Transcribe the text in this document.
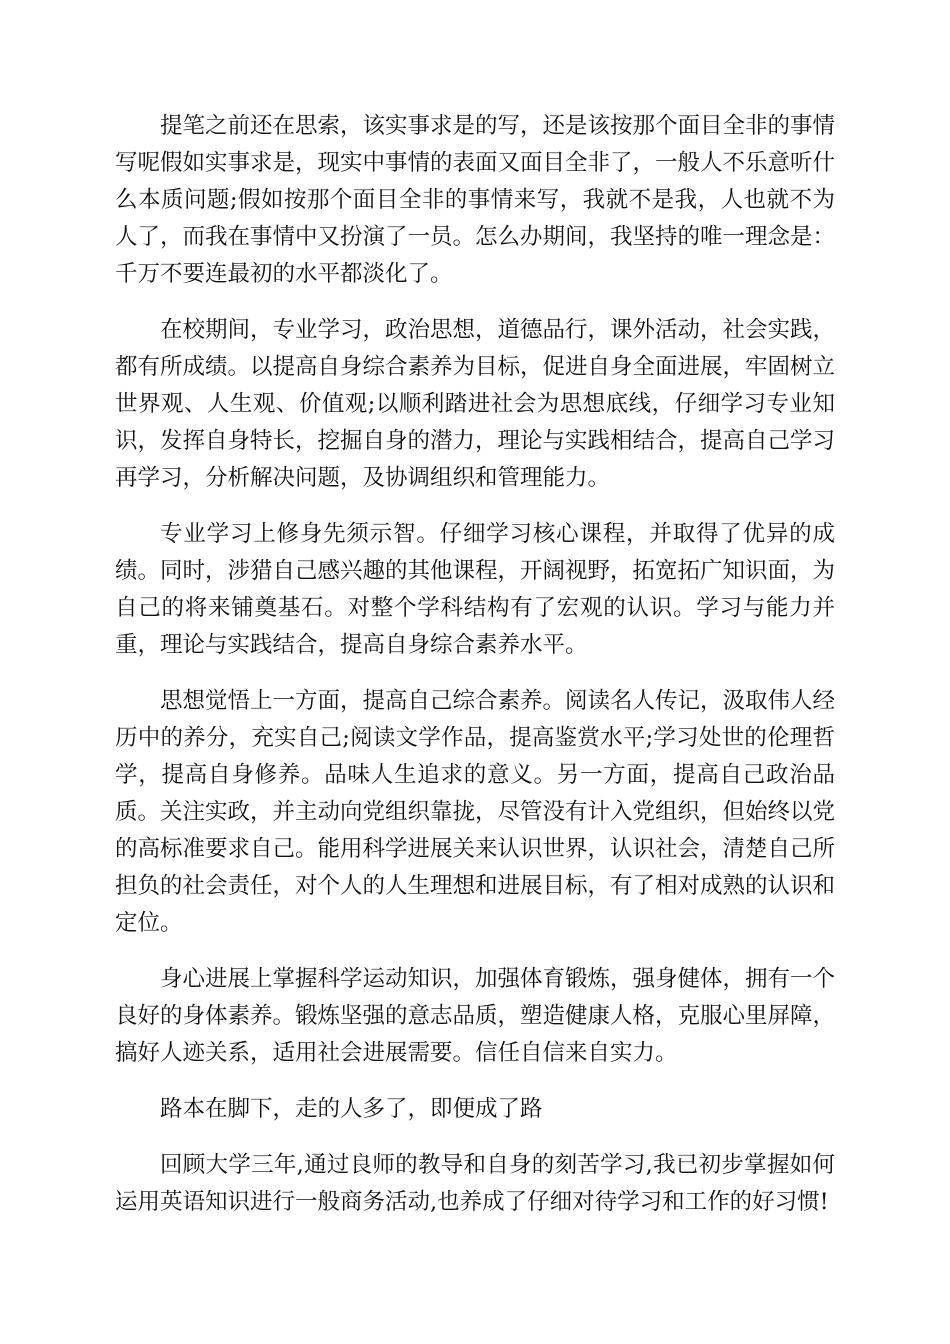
提笔之前还在思索，该实事求是的写，还是该按那个面目全非的事情写呢假如实事求是，现实中事情的表面又面目全非了，一般人不乐意听什么本质问题;假如按那个面目全非的事情来写，我就不是我，人也就不为人了，而我在事情中又扮演了一员。怎么办期间，我坚持的唯一理念是：千万不要连最初的水平都淡化了。

在校期间，专业学习，政治思想，道德品行，课外活动，社会实践，都有所成绩。以提高自身综合素养为目标，促进自身全面进展，牢固树立世界观、人生观、价值观;以顺利踏进社会为思想底线，仔细学习专业知识，发挥自身特长，挖掘自身的潜力，理论与实践相结合，提高自己学习再学习，分析解决问题，及协调组织和管理能力。

专业学习上修身先须示智。仔细学习核心课程，并取得了优异的成绩。同时，涉猎自己感兴趣的其他课程，开阔视野，拓宽拓广知识面，为自己的将来铺奠基石。对整个学科结构有了宏观的认识。学习与能力并重，理论与实践结合，提高自身综合素养水平。

思想觉悟上一方面，提高自己综合素养。阅读名人传记，汲取伟人经历中的养分，充实自己;阅读文学作品，提高鉴赏水平;学习处世的伦理哲学，提高自身修养。品味人生追求的意义。另一方面，提高自己政治品质。关注实政，并主动向党组织靠拢，尽管没有计入党组织，但始终以党的高标准要求自己。能用科学进展关来认识世界，认识社会，清楚自己所担负的社会责任，对个人的人生理想和进展目标，有了相对成熟的认识和定位。

身心进展上掌握科学运动知识，加强体育锻炼，强身健体，拥有一个良好的身体素养。锻炼坚强的意志品质，塑造健康人格，克服心里屏障，搞好人迹关系，适用社会进展需要。信任自信来自实力。

路本在脚下，走的人多了，即便成了路

回顾大学三年,通过良师的教导和自身的刻苦学习,我已初步掌握如何运用英语知识进行一般商务活动,也养成了仔细对待学习和工作的好习惯!
